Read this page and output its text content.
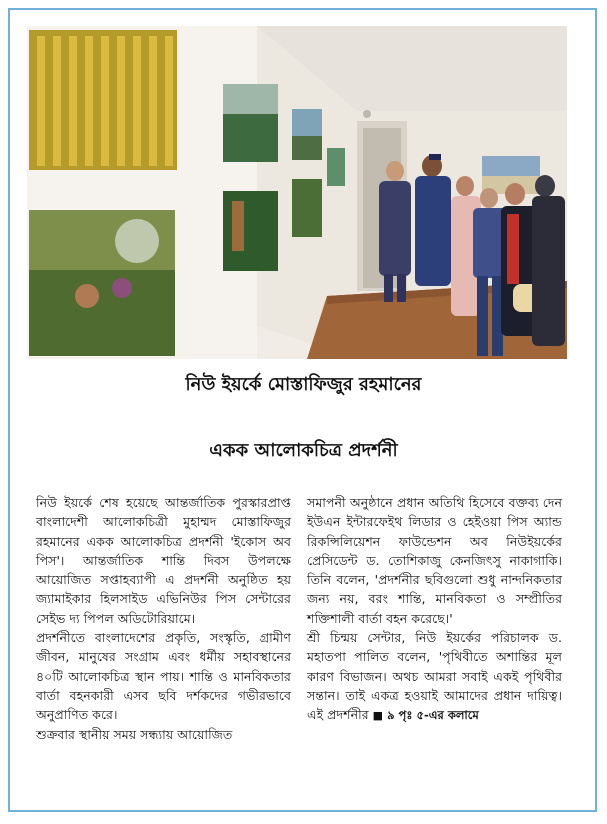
নিউ ইয়র্কে মোস্তাফিজুর রহমানের
একক আলোকচিত্র প্রদর্শনী

নিউ ইয়র্কে শেষ হয়েছে আন্তর্জাতিক পুরস্কারপ্রাপ্ত বাংলাদেশী আলোকচিত্রী মুহাম্মদ মোস্তাফিজুর রহমানের একক আলোকচিত্র প্রদর্শনী 'ইকোস অব পিস'। আন্তর্জাতিক শান্তি দিবস উপলক্ষে আয়োজিত সপ্তাহব্যাপী এ প্রদর্শনী অনুষ্ঠিত হয় জ্যামাইকার হিলসাইড এভিনিউর পিস সেন্টারের সেইভ দ্য পিপল অডিটোরিয়ামে।

প্রদর্শনীতে বাংলাদেশের প্রকৃতি, সংস্কৃতি, গ্রামীণ জীবন, মানুষের সংগ্রাম এবং ধর্মীয় সহাবস্থানের ৪০টি আলোকচিত্র স্থান পায়। শান্তি ও মানবিকতার বার্তা বহনকারী এসব ছবি দর্শকদের গভীরভাবে অনুপ্রাণিত করে।

শুক্রবার স্থানীয় সময় সন্ধ্যায় আয়োজিত

সমাপনী অনুষ্ঠানে প্রধান অতিথি হিসেবে বক্তব্য দেন ইউএন ইন্টারফেইথ লিডার ও হেইওয়া পিস অ্যান্ড রিকন্সিলিয়েশন ফাউন্ডেশন অব নিউইয়র্কের প্রেসিডেন্ট ড. তোশিকাজু কেনজিৎসু নাকাগাকি। তিনি বলেন, 'প্রদর্শনীর ছবিগুলো শুধু নান্দনিকতার জন্য নয়, বরং শান্তি, মানবিকতা ও সম্প্রীতির শক্তিশালী বার্তা বহন করেছে।'

শ্রী চিন্ময় সেন্টার, নিউ ইয়র্কের পরিচালক ড. মহাতপা পালিত বলেন, 'পৃথিবীতে অশান্তির মূল কারণ বিভাজন। অথচ আমরা সবাই একই পৃথিবীর সন্তান। তাই একত্র হওয়াই আমাদের প্রধান দায়িত্ব। এই প্রদর্শনীর ■ ৯ পৃঃ ৫-এর কলামে
